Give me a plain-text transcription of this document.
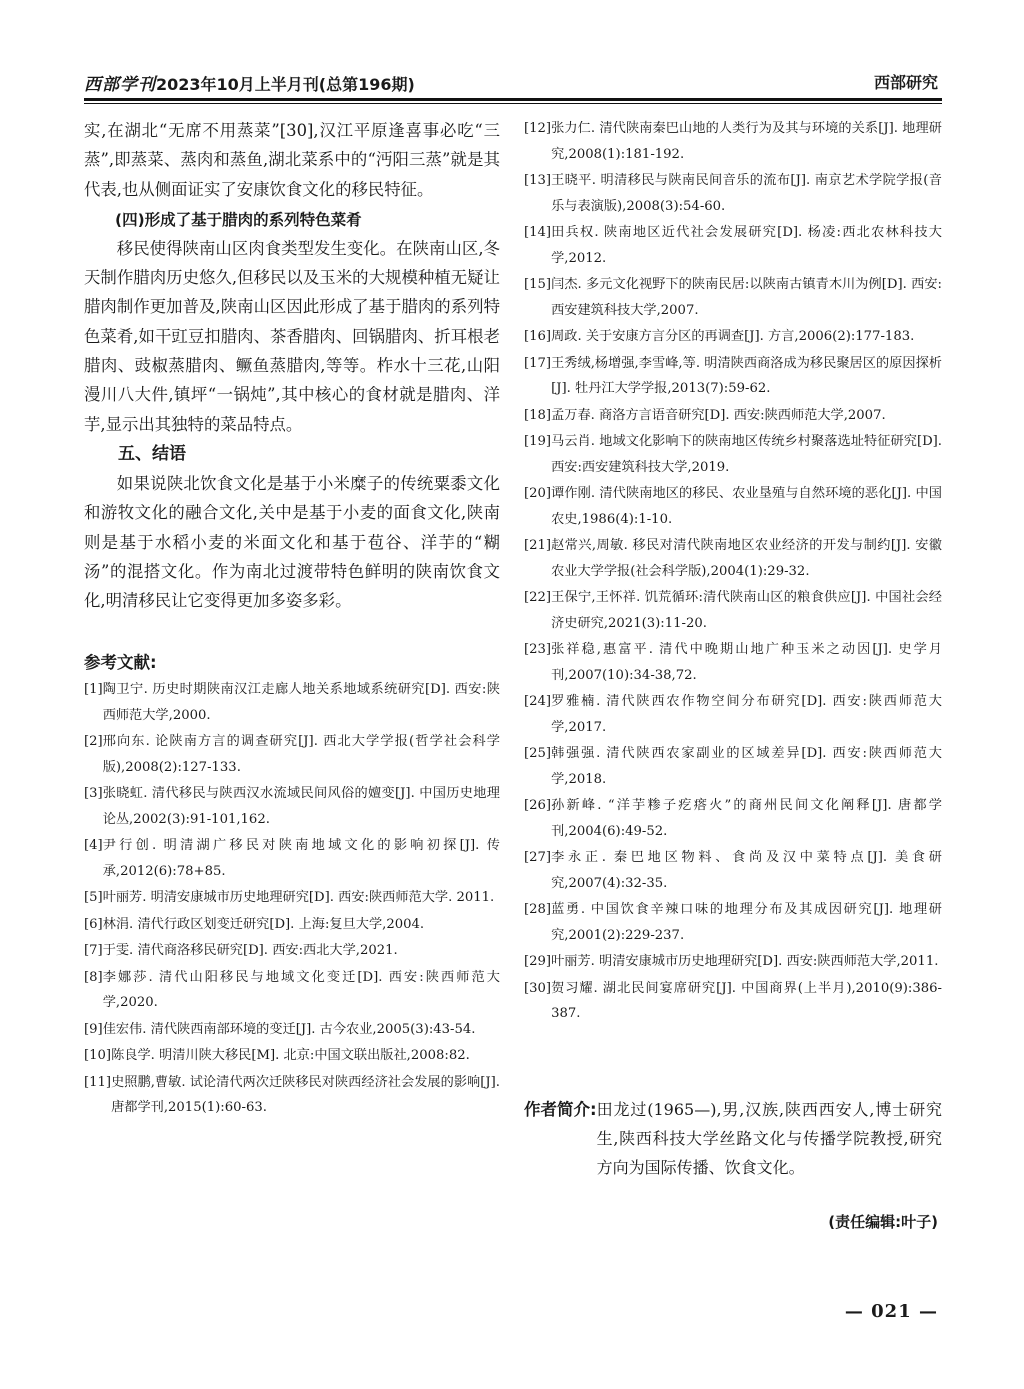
西部学刊2023年10月上半月刊(总第196期)	西部研究

实,在湖北“无席不用蒸菜”[30],汉江平原逢喜事必吃“三蒸”,即蒸菜、蒸肉和蒸鱼,湖北菜系中的“沔阳三蒸”就是其代表,也从侧面证实了安康饮食文化的移民特征。

(四)形成了基于腊肉的系列特色菜肴

移民使得陕南山区肉食类型发生变化。在陕南山区,冬天制作腊肉历史悠久,但移民以及玉米的大规模种植无疑让腊肉制作更加普及,陕南山区因此形成了基于腊肉的系列特色菜肴,如干豇豆扣腊肉、茶香腊肉、回锅腊肉、折耳根老腊肉、豉椒蒸腊肉、鳜鱼蒸腊肉,等等。柞水十三花,山阳漫川八大件,镇坪“一锅炖”,其中核心的食材就是腊肉、洋芋,显示出其独特的菜品特点。

五、结语

如果说陕北饮食文化是基于小米糜子的传统粟黍文化和游牧文化的融合文化,关中是基于小麦的面食文化,陕南则是基于水稻小麦的米面文化和基于苞谷、洋芋的“糊汤”的混搭文化。作为南北过渡带特色鲜明的陕南饮食文化,明清移民让它变得更加多姿多彩。

参考文献:
[1] 陶卫宁. 历史时期陕南汉江走廊人地关系地域系统研究[D]. 西安:陕西师范大学,2000.
[2] 邢向东. 论陕南方言的调查研究[J]. 西北大学学报(哲学社会科学版),2008(2):127-133.
[3] 张晓虹. 清代移民与陕西汉水流域民间风俗的嬗变[J]. 中国历史地理论丛,2002(3):91-101,162.
[4] 尹行创. 明清湖广移民对陕南地域文化的影响初探[J]. 传承,2012(6):78+85.
[5] 叶丽芳. 明清安康城市历史地理研究[D]. 西安:陕西师范大学. 2011.
[6] 林涓. 清代行政区划变迁研究[D]. 上海:复旦大学,2004.
[7] 于雯. 清代商洛移民研究[D]. 西安:西北大学,2021.
[8] 李娜莎. 清代山阳移民与地域文化变迁[D]. 西安:陕西师范大学,2020.
[9] 佳宏伟. 清代陕西南部环境的变迁[J]. 古今农业,2005(3):43-54.
[10] 陈良学. 明清川陕大移民[M]. 北京:中国文联出版社,2008:82.
[11] 史照鹏,曹敏. 试论清代两次迁陕移民对陕西经济社会发展的影响[J]. 唐都学刊,2015(1):60-63.
[12] 张力仁. 清代陕南秦巴山地的人类行为及其与环境的关系[J]. 地理研究,2008(1):181-192.
[13] 王晓平. 明清移民与陕南民间音乐的流布[J]. 南京艺术学院学报(音乐与表演版),2008(3):54-60.
[14] 田兵权. 陕南地区近代社会发展研究[D]. 杨凌:西北农林科技大学,2012.
[15] 闫杰. 多元文化视野下的陕南民居:以陕南古镇青木川为例[D]. 西安:西安建筑科技大学,2007.
[16] 周政. 关于安康方言分区的再调查[J]. 方言,2006(2):177-183.
[17] 王秀绒,杨增强,李雪峰,等. 明清陕西商洛成为移民聚居区的原因探析[J]. 牡丹江大学学报,2013(7):59-62.
[18] 孟万春. 商洛方言语音研究[D]. 西安:陕西师范大学,2007.
[19] 马云肖. 地域文化影响下的陕南地区传统乡村聚落选址特征研究[D]. 西安:西安建筑科技大学,2019.
[20] 谭作刚. 清代陕南地区的移民、农业垦殖与自然环境的恶化[J]. 中国农史,1986(4):1-10.
[21] 赵常兴,周敏. 移民对清代陕南地区农业经济的开发与制约[J]. 安徽农业大学学报(社会科学版),2004(1):29-32.
[22] 王保宁,王怀祥. 饥荒循环:清代陕南山区的粮食供应[J]. 中国社会经济史研究,2021(3):11-20.
[23] 张祥稳,惠富平. 清代中晚期山地广种玉米之动因[J]. 史学月刊,2007(10):34-38,72.
[24] 罗雅楠. 清代陕西农作物空间分布研究[D]. 西安:陕西师范大学,2017.
[25] 韩强强. 清代陕西农家副业的区域差异[D]. 西安:陕西师范大学,2018.
[26] 孙新峰. “洋芋糁子疙瘩火”的商州民间文化阐释[J]. 唐都学刊,2004(6):49-52.
[27] 李永正. 秦巴地区物料、食尚及汉中菜特点[J]. 美食研究,2007(4):32-35.
[28] 蓝勇. 中国饮食辛辣口味的地理分布及其成因研究[J]. 地理研究,2001(2):229-237.
[29] 叶丽芳. 明清安康城市历史地理研究[D]. 西安:陕西师范大学,2011.
[30] 贺习耀. 湖北民间宴席研究[J]. 中国商界(上半月),2010(9):386-387.
作者简介: 田龙过(1965—),男,汉族,陕西西安人,博士研究生,陕西科技大学丝路文化与传播学院教授,研究方向为国际传播、饮食文化。
(责任编辑:叶子)
— 021 —
